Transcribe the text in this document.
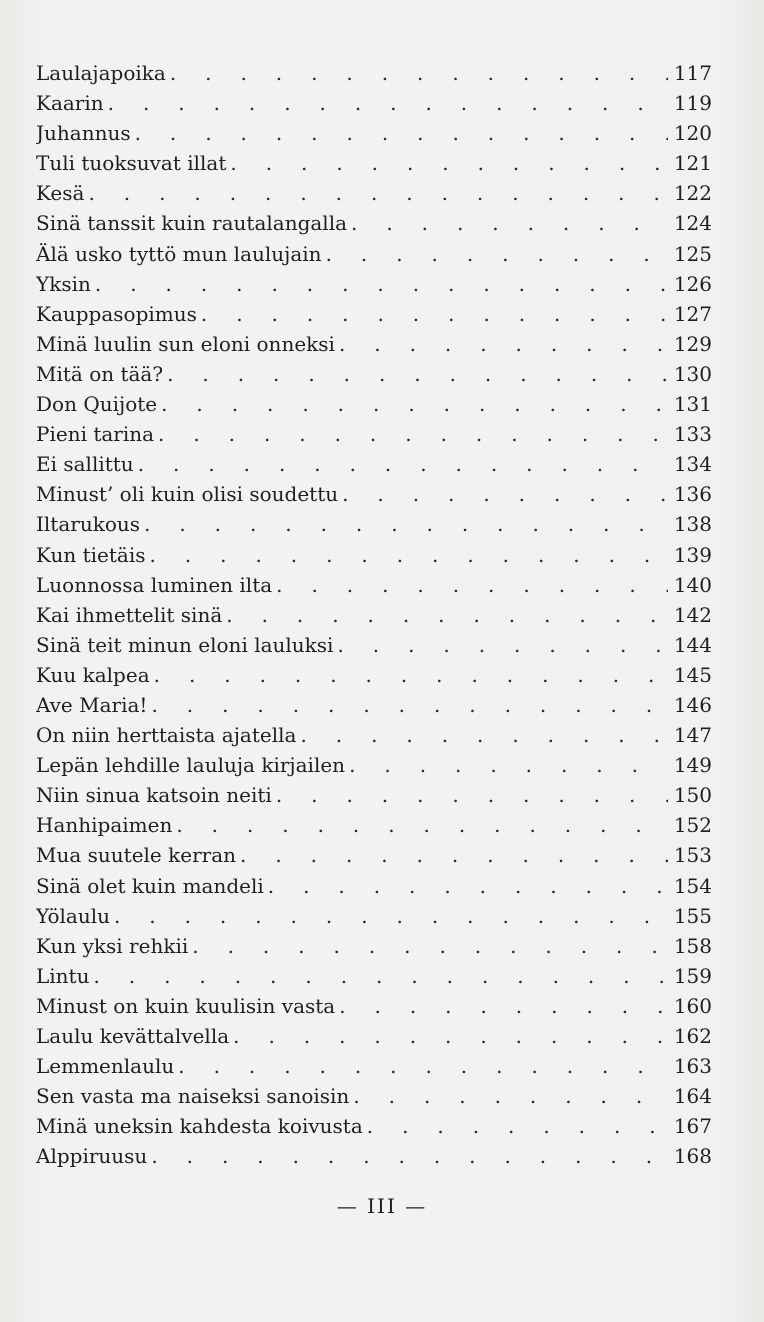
Laulajapoika . . .	117
Kaarin . . .	119
Juhannus . . .	120
Tuli tuoksuvat illat . . .	121
Kesä . . .	122
Sinä tanssit kuin rautalangalla . . .	124
Älä usko tyttö mun laulujain . . .	125
Yksin . . .	126
Kauppasopimus . . .	127
Minä luulin sun eloni onneksi . . .	129
Mitä on tää? . . .	130
Don Quijote . . .	131
Pieni tarina . . .	133
Ei sallittu . . .	134
Minust’ oli kuin olisi soudettu . . .	136
Iltarukous . . .	138
Kun tietäis . . .	139
Luonnossa luminen ilta . . .	140
Kai ihmettelit sinä . . .	142
Sinä teit minun eloni lauluksi . . .	144
Kuu kalpea . . .	145
Ave Maria! . . .	146
On niin herttaista ajatella . . .	147
Lepän lehdille lauluja kirjailen . . .	149
Niin sinua katsoin neiti . . .	150
Hanhipaimen . . .	152
Mua suutele kerran . . .	153
Sinä olet kuin mandeli . . .	154
Yölaulu . . .	155
Kun yksi rehkii . . .	158
Lintu . . .	159
Minust on kuin kuulisin vasta . . .	160
Laulu kevättalvella . . .	162
Lemmenlaulu . . .	163
Sen vasta ma naiseksi sanoisin . . .	164
Minä uneksin kahdesta koivusta . . .	167
Alppiruusu . . .	168
— III —
